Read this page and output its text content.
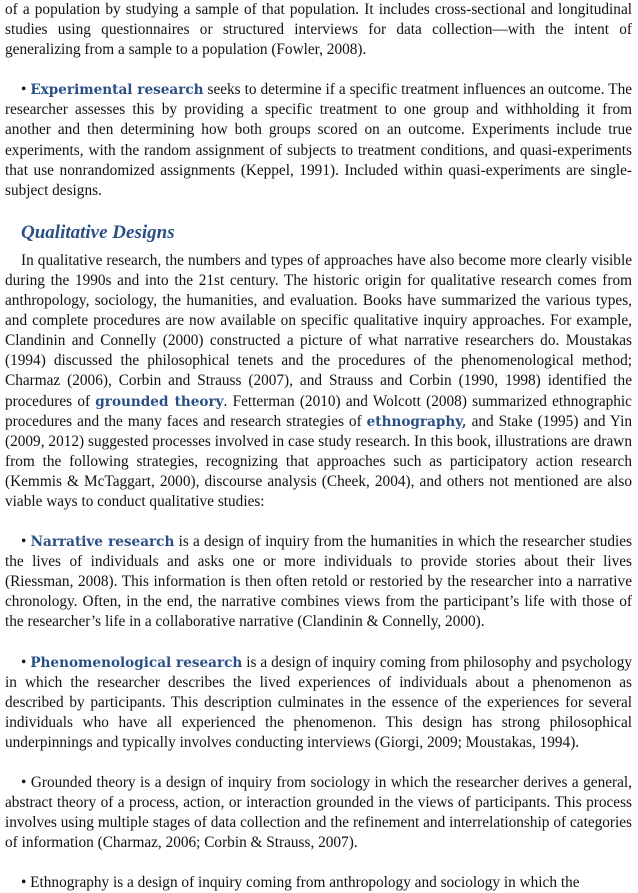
of a population by studying a sample of that population. It includes cross-sectional and longitudinal studies using questionnaires or structured interviews for data collection—with the intent of generalizing from a sample to a population (Fowler, 2008).

• Experimental research seeks to determine if a specific treatment influences an outcome. The researcher assesses this by providing a specific treatment to one group and withholding it from another and then determining how both groups scored on an outcome. Experiments include true experiments, with the random assignment of subjects to treatment conditions, and quasi-experiments that use nonrandomized assignments (Keppel, 1991). Included within quasi-experiments are single-subject designs.

Qualitative Designs

In qualitative research, the numbers and types of approaches have also become more clearly visible during the 1990s and into the 21st century. The historic origin for qualitative research comes from anthropology, sociology, the humanities, and evaluation. Books have summarized the various types, and complete procedures are now available on specific qualitative inquiry approaches. For example, Clandinin and Connelly (2000) constructed a picture of what narrative researchers do. Moustakas (1994) discussed the philosophical tenets and the procedures of the phenomenological method; Charmaz (2006), Corbin and Strauss (2007), and Strauss and Corbin (1990, 1998) identified the procedures of grounded theory. Fetterman (2010) and Wolcott (2008) summarized ethnographic procedures and the many faces and research strategies of ethnography, and Stake (1995) and Yin (2009, 2012) suggested processes involved in case study research. In this book, illustrations are drawn from the following strategies, recognizing that approaches such as participatory action research (Kemmis & McTaggart, 2000), discourse analysis (Cheek, 2004), and others not mentioned are also viable ways to conduct qualitative studies:

• Narrative research is a design of inquiry from the humanities in which the researcher studies the lives of individuals and asks one or more individuals to provide stories about their lives (Riessman, 2008). This information is then often retold or restoried by the researcher into a narrative chronology. Often, in the end, the narrative combines views from the participant’s life with those of the researcher’s life in a collaborative narrative (Clandinin & Connelly, 2000).

• Phenomenological research is a design of inquiry coming from philosophy and psychology in which the researcher describes the lived experiences of individuals about a phenomenon as described by participants. This description culminates in the essence of the experiences for several individuals who have all experienced the phenomenon. This design has strong philosophical underpinnings and typically involves conducting interviews (Giorgi, 2009; Moustakas, 1994).

• Grounded theory is a design of inquiry from sociology in which the researcher derives a general, abstract theory of a process, action, or interaction grounded in the views of participants. This process involves using multiple stages of data collection and the refinement and interrelationship of categories of information (Charmaz, 2006; Corbin & Strauss, 2007).

• Ethnography is a design of inquiry coming from anthropology and sociology in which the
